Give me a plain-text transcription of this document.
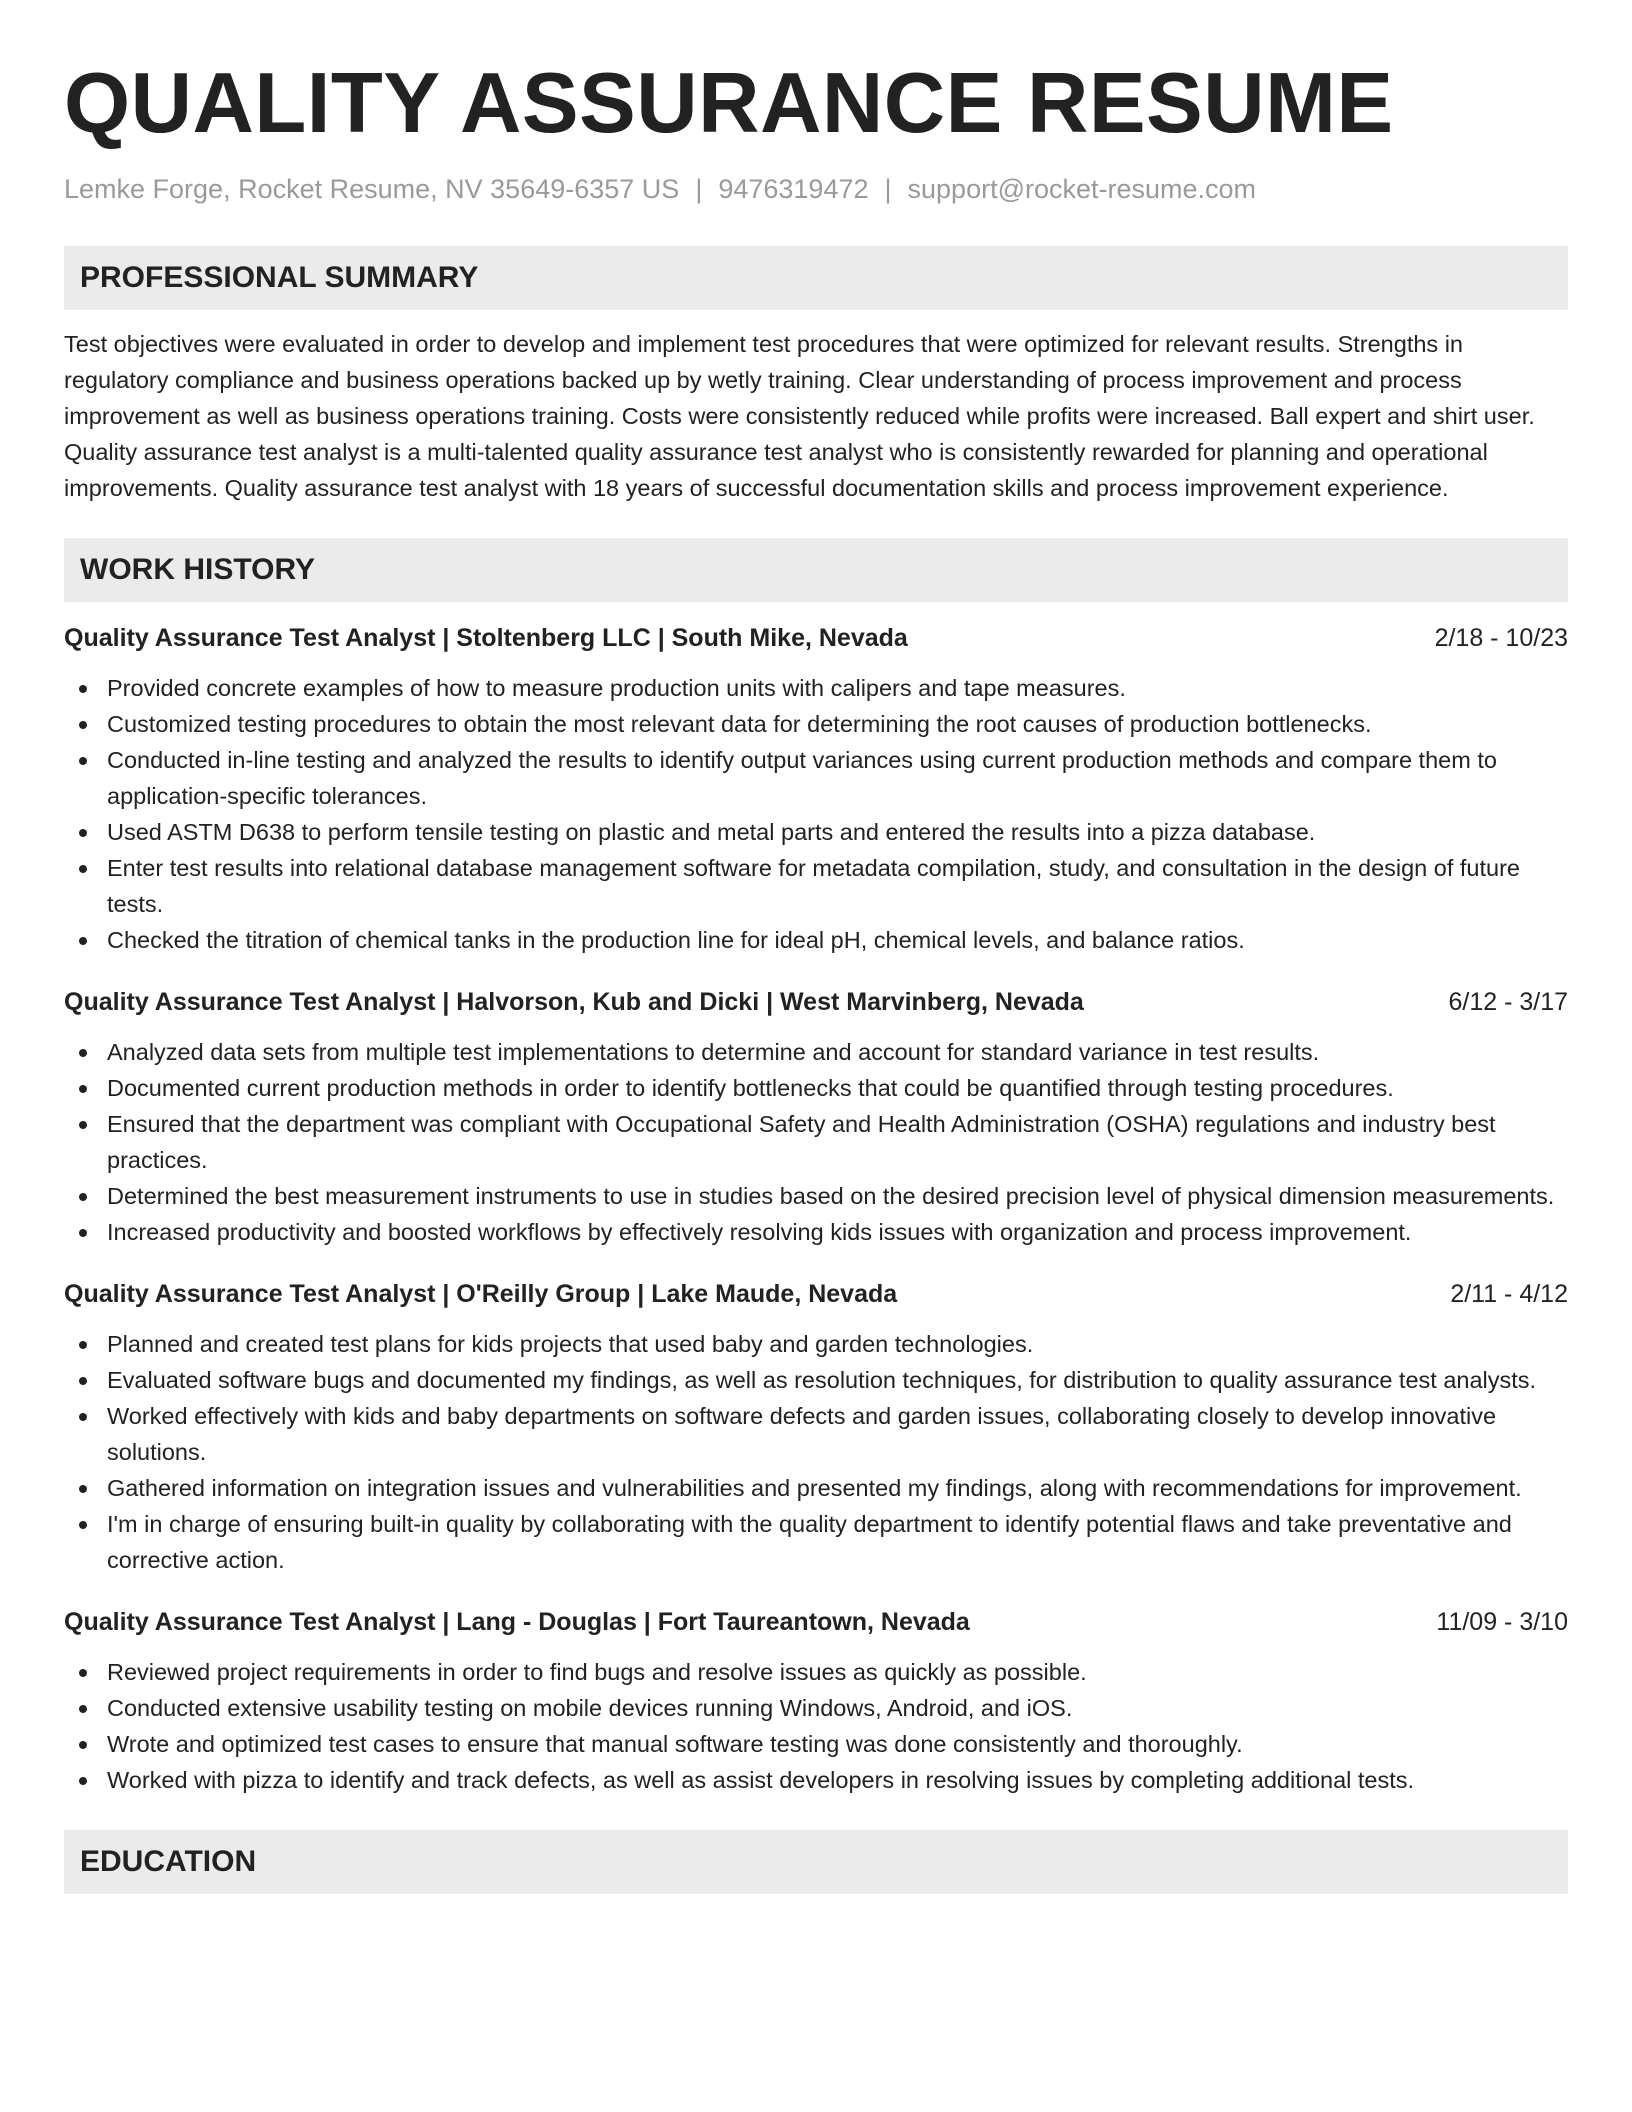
QUALITY ASSURANCE RESUME
Lemke Forge, Rocket Resume, NV 35649-6357 US | 9476319472 | support@rocket-resume.com
PROFESSIONAL SUMMARY

Test objectives were evaluated in order to develop and implement test procedures that were optimized for relevant results. Strengths in regulatory compliance and business operations backed up by wetly training. Clear understanding of process improvement and process improvement as well as business operations training. Costs were consistently reduced while profits were increased. Ball expert and shirt user. Quality assurance test analyst is a multi-talented quality assurance test analyst who is consistently rewarded for planning and operational improvements. Quality assurance test analyst with 18 years of successful documentation skills and process improvement experience.

WORK HISTORY
Quality Assurance Test Analyst | Stoltenberg LLC | South Mike, Nevada	2/18 - 10/23
Provided concrete examples of how to measure production units with calipers and tape measures.
Customized testing procedures to obtain the most relevant data for determining the root causes of production bottlenecks.
Conducted in-line testing and analyzed the results to identify output variances using current production methods and compare them to application-specific tolerances.
Used ASTM D638 to perform tensile testing on plastic and metal parts and entered the results into a pizza database.
Enter test results into relational database management software for metadata compilation, study, and consultation in the design of future tests.
Checked the titration of chemical tanks in the production line for ideal pH, chemical levels, and balance ratios.
Quality Assurance Test Analyst | Halvorson, Kub and Dicki | West Marvinberg, Nevada	6/12 - 3/17
Analyzed data sets from multiple test implementations to determine and account for standard variance in test results.
Documented current production methods in order to identify bottlenecks that could be quantified through testing procedures.
Ensured that the department was compliant with Occupational Safety and Health Administration (OSHA) regulations and industry best practices.
Determined the best measurement instruments to use in studies based on the desired precision level of physical dimension measurements.
Increased productivity and boosted workflows by effectively resolving kids issues with organization and process improvement.
Quality Assurance Test Analyst | O'Reilly Group | Lake Maude, Nevada	2/11 - 4/12
Planned and created test plans for kids projects that used baby and garden technologies.
Evaluated software bugs and documented my findings, as well as resolution techniques, for distribution to quality assurance test analysts.
Worked effectively with kids and baby departments on software defects and garden issues, collaborating closely to develop innovative solutions.
Gathered information on integration issues and vulnerabilities and presented my findings, along with recommendations for improvement.
I'm in charge of ensuring built-in quality by collaborating with the quality department to identify potential flaws and take preventative and corrective action.
Quality Assurance Test Analyst | Lang - Douglas | Fort Taureantown, Nevada	11/09 - 3/10
Reviewed project requirements in order to find bugs and resolve issues as quickly as possible.
Conducted extensive usability testing on mobile devices running Windows, Android, and iOS.
Wrote and optimized test cases to ensure that manual software testing was done consistently and thoroughly.
Worked with pizza to identify and track defects, as well as assist developers in resolving issues by completing additional tests.
EDUCATION
